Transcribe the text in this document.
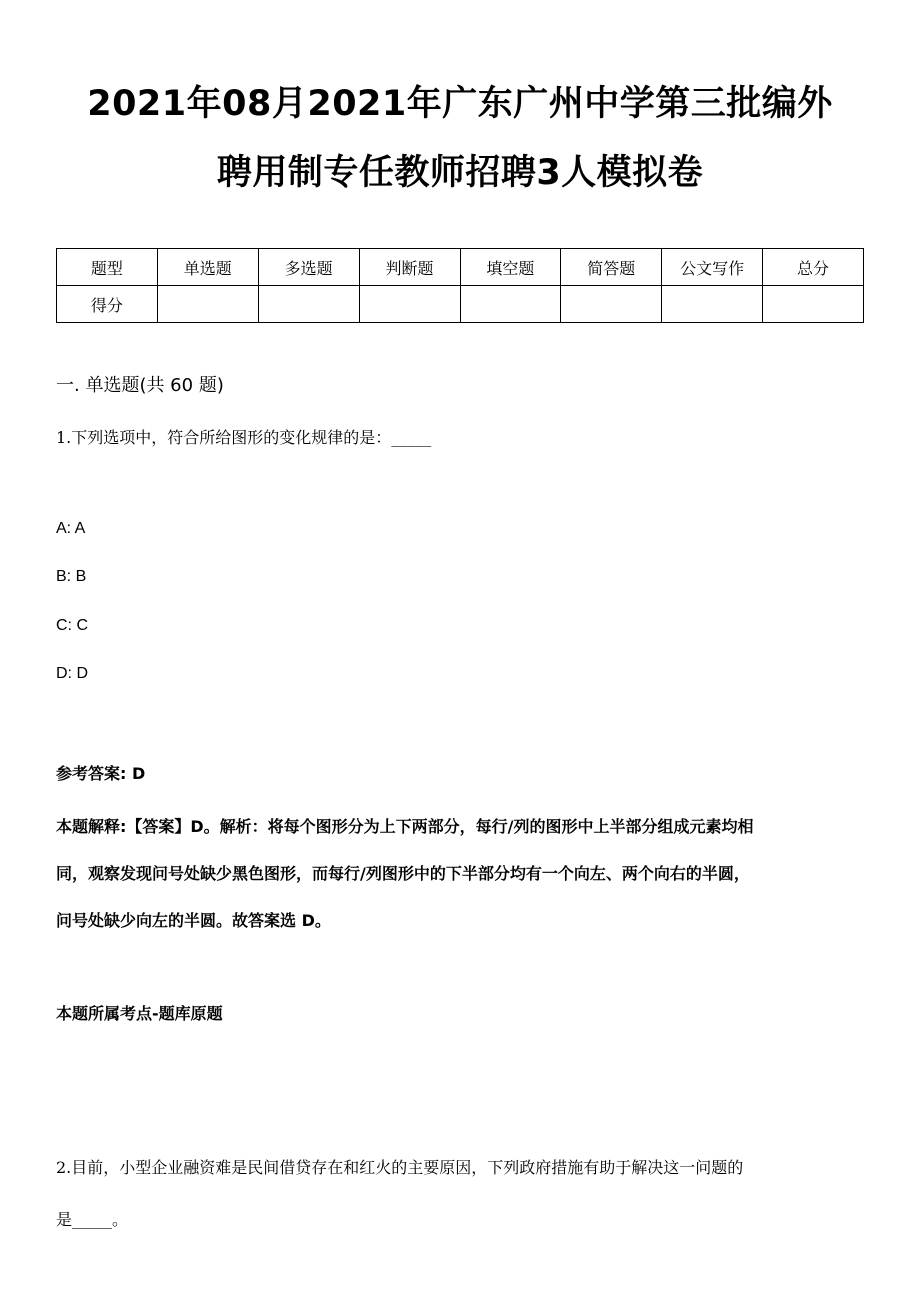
2021年08月2021年广东广州中学第三批编外
聘用制专任教师招聘3人模拟卷
题型	单选题	多选题	判断题	填空题	简答题	公文写作	总分
得分							
一. 单选题(共 60 题)
1.下列选项中，符合所给图形的变化规律的是：_____
A: A
B: B
C: C
D: D
参考答案: D
本题解释:【答案】D。解析：将每个图形分为上下两部分，每行/列的图形中上半部分组成元素均相
同，观察发现问号处缺少黑色图形，而每行/列图形中的下半部分均有一个向左、两个向右的半圆，
问号处缺少向左的半圆。故答案选 D。
本题所属考点-题库原题
2.目前，小型企业融资难是民间借贷存在和红火的主要原因，下列政府措施有助于解决这一问题的
是_____。
